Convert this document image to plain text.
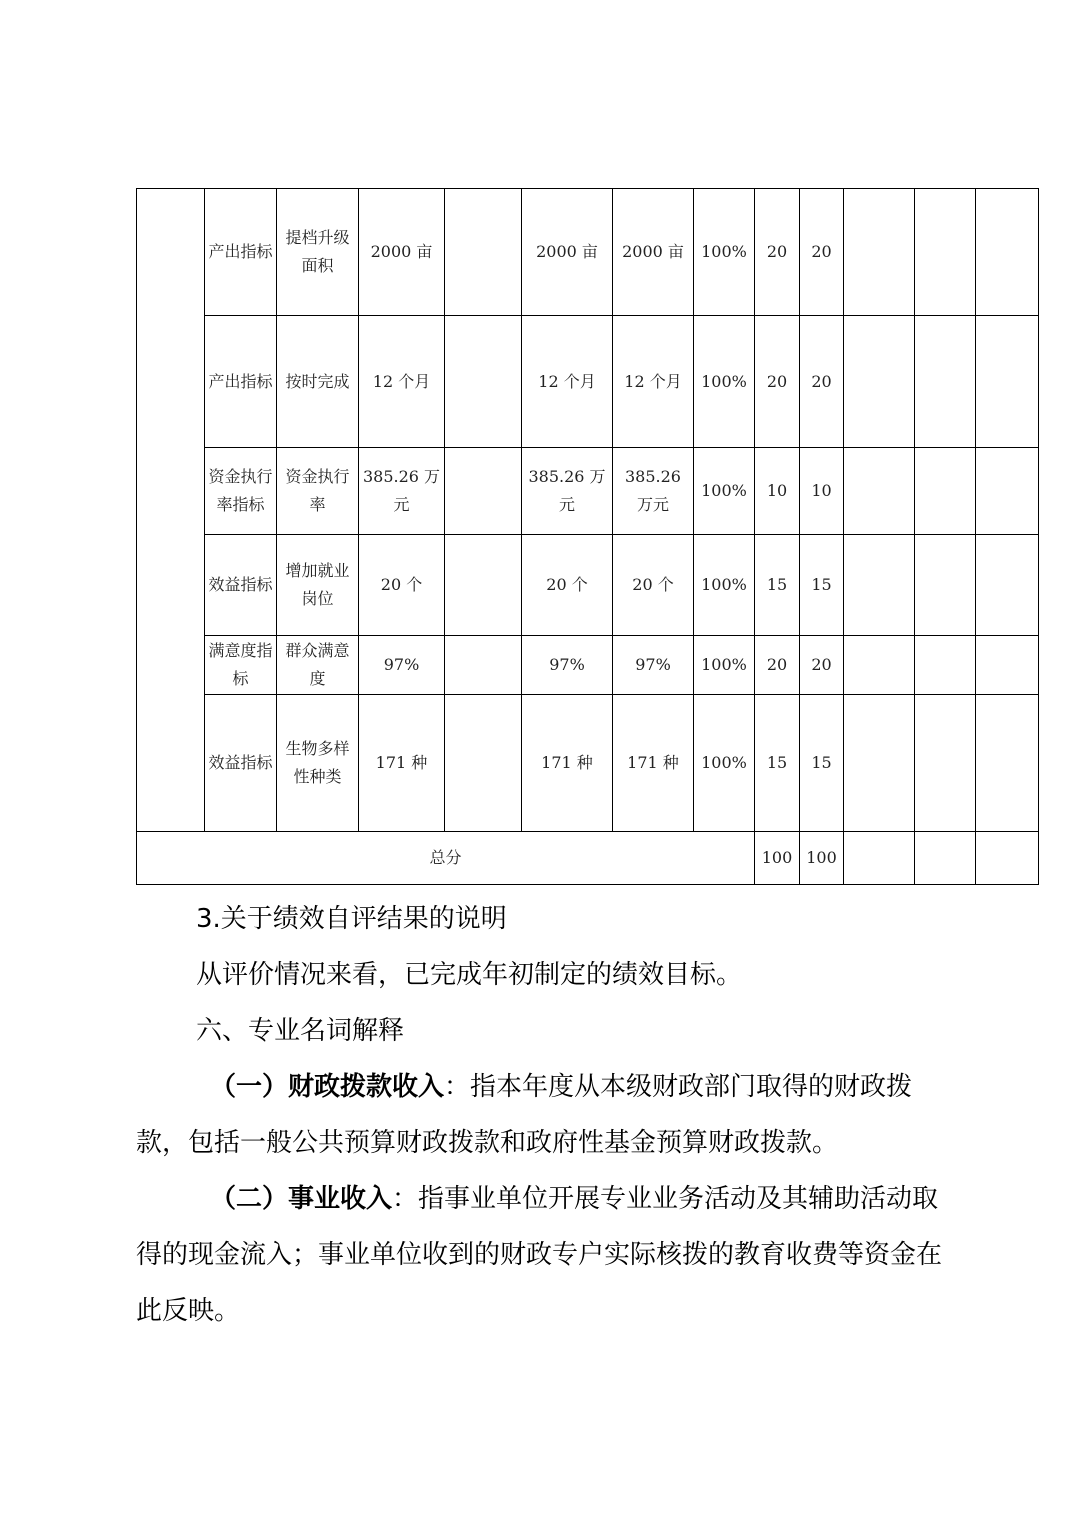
	产出指标	提档升级面积	2000 亩		2000 亩	2000 亩	100%	20	20			
	产出指标	按时完成	12 个月		12 个月	12 个月	100%	20	20			
	资金执行率指标	资金执行率	385.26 万元		385.26 万元	385.26 万元	100%	10	10			
	效益指标	增加就业岗位	20 个		20 个	20 个	100%	15	15			
	满意度指标	群众满意度	97%		97%	97%	100%	20	20			
	效益指标	生物多样性种类	171 种		171 种	171 种	100%	15	15			
总分								100	100			

3.关于绩效自评结果的说明

从评价情况来看，已完成年初制定的绩效目标。

六、专业名词解释

（一）财政拨款收入：指本年度从本级财政部门取得的财政拨款，包括一般公共预算财政拨款和政府性基金预算财政拨款。

（二）事业收入：指事业单位开展专业业务活动及其辅助活动取得的现金流入；事业单位收到的财政专户实际核拨的教育收费等资金在此反映。
